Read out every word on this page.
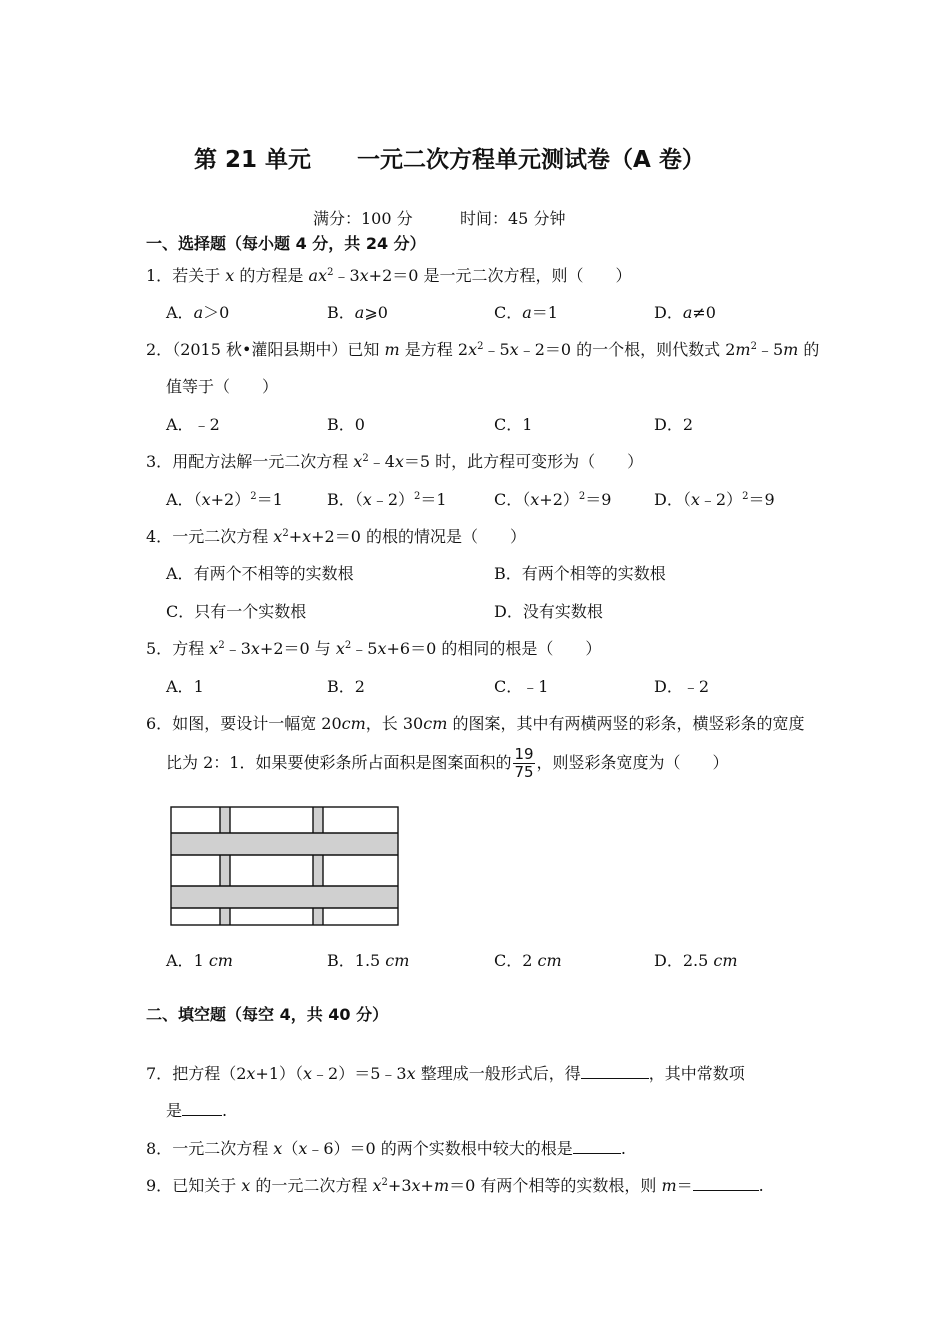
第 21 单元　　一元二次方程单元测试卷（A 卷）
满分：100 分	时间：45 分钟
一、选择题（每小题 4 分，共 24 分）
1．若关于 x 的方程是 $ax^2﹣3x+2=0$ 是一元二次方程，则（　　）
A．a＞0	B．a⩾0	C．a＝1	D．a≠0
2．（2015 秋•灌阳县期中）已知 m 是方程 $2x^2﹣5x﹣2=0$ 的一个根，则代数式 $2m^2﹣5m$ 的
值等于（　　）
A．﹣2	B．0	C．1	D．2
3．用配方法解一元二次方程 $x^2﹣4x=5$ 时，此方程可变形为（　　）
A．$(x+2)^2=1$	B．（x﹣2）$^2$＝1	C．$(x+2)^2=9$	D．（x﹣2）$^2$＝9
4．一元二次方程 $x^2+x+2=0$ 的根的情况是（　　）
A．有两个不相等的实数根	B．有两个相等的实数根
C．只有一个实数根	D．没有实数根
5．方程 $x^2﹣3x+2=0$ 与 $x^2﹣5x+6=0$ 的相同的根是（　　）
A．1	B．2	C．﹣1	D．﹣2
6．如图，要设计一幅宽 20cm，长 30cm 的图案，其中有两横两竖的彩条，横竖彩条的宽度
比为 2：1．如果要使彩条所占面积是图案面积的 $\frac{19}{75}$ ，则竖彩条宽度为（　　）
A．1 cm	B．1.5 cm	C．2 cm	D．2.5 cm
二、填空题（每空 4，共 40 分）
7．把方程（2x+1）（x﹣2）＝5﹣3x 整理成一般形式后，得	，其中常数项
是	.
8．一元二次方程 x（x﹣6）＝0 的两个实数根中较大的根是	.
9．已知关于 x 的一元二次方程 $x^2+3x+m=0$ 有两个相等的实数根，则 m＝	.
